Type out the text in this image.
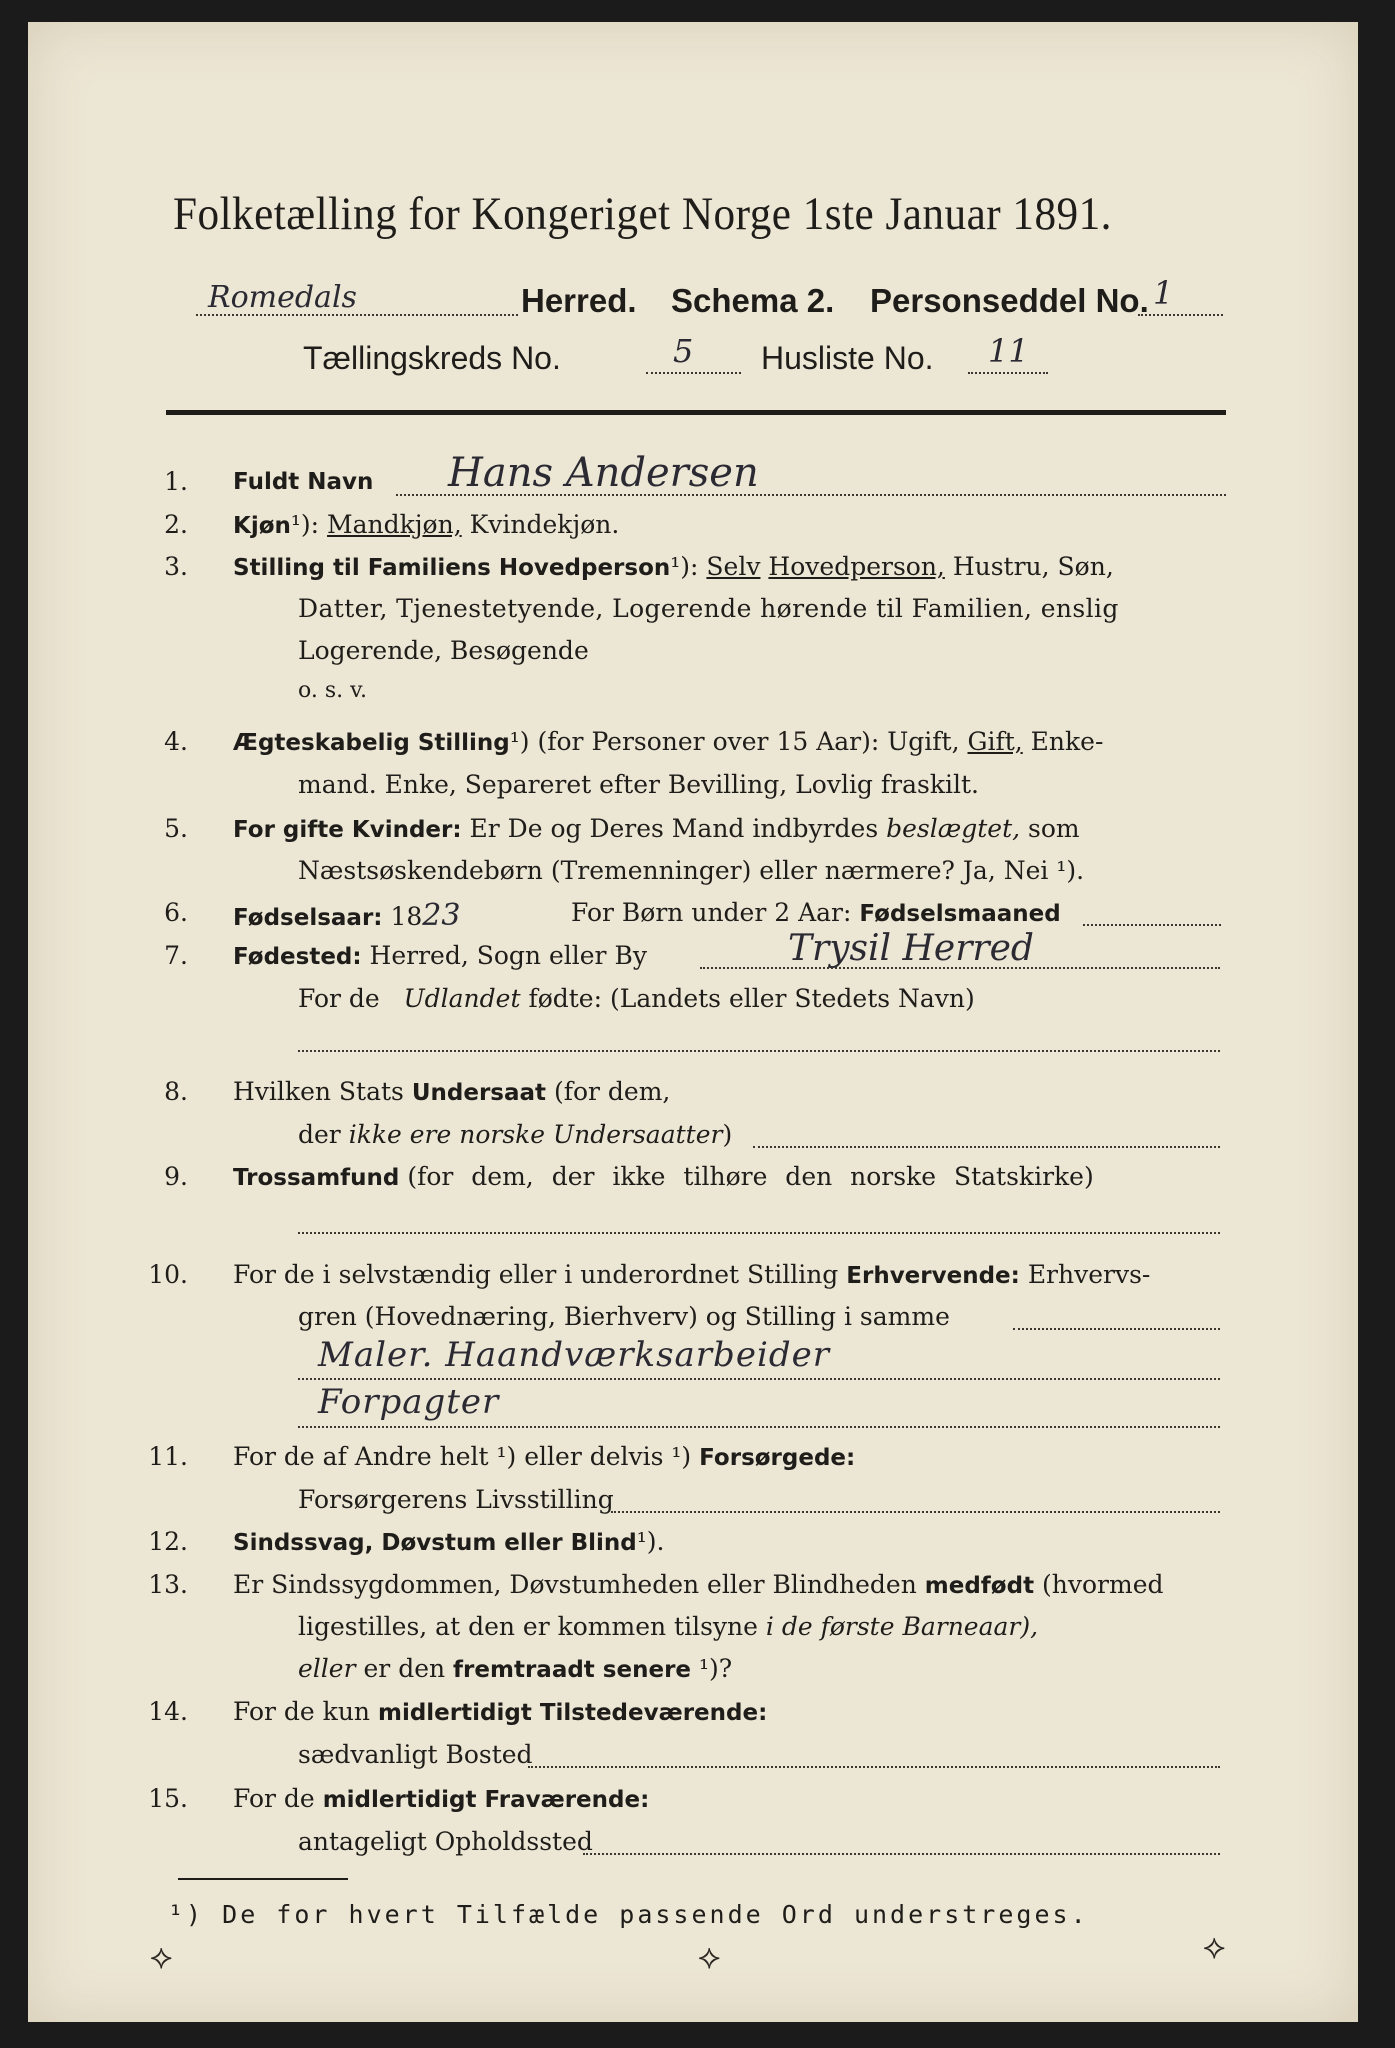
Folketælling for Kongeriget Norge 1ste Januar 1891.
Romedals	Herred. Schema 2. Personseddel No. 1
Tællingskreds No.	5 Husliste No. 11
1. Fuldt Navn Hans Andersen
2. Kjøn¹): Mandkjøn, Kvindekjøn.
3. Stilling til Familiens Hovedperson¹): Selv Hovedperson, Hustru, Søn,
Datter, Tjenestetyende, Logerende hørende til Familien, enslig
Logerende, Besøgende
o. s. v.
4. Ægteskabelig Stilling¹) (for Personer over 15 Aar): Ugift, Gift, Enke-
mand. Enke, Separeret efter Bevilling, Lovlig fraskilt.
5. For gifte Kvinder: Er De og Deres Mand indbyrdes beslægtet, som
Næstsøskendebørn (Tremenninger) eller nærmere? Ja, Nei ¹).
6. Fødselsaar: 1823	For Børn under 2 Aar: Fødselsmaaned
7. Fødested: Herred, Sogn eller By	Trysil Herred
For de Udlandet fødte: (Landets eller Stedets Navn)
8. Hvilken Stats Undersaat (for dem,
der ikke ere norske Undersaatter)
9. Trossamfund (for dem, der ikke tilhøre den norske Statskirke)
10. For de i selvstændig eller i underordnet Stilling Erhvervende: Erhvervs-
gren (Hovednæring, Bierhverv) og Stilling i samme
Maler. Haandværksarbeider
Forpagter
11. For de af Andre helt ¹) eller delvis ¹) Forsørgede:
Forsørgerens Livsstilling
12. Sindssvag, Døvstum eller Blind¹).
13. Er Sindssygdommen, Døvstumheden eller Blindheden medfødt (hvormed
ligestilles, at den er kommen tilsyne i de første Barneaar),
eller er den fremtraadt senere ¹)?
14. For de kun midlertidigt Tilstedeværende:
sædvanligt Bosted
15. For de midlertidigt Fraværende:
antageligt Opholdssted
¹) De for hvert Tilfælde passende Ord understreges.
⟡	⟡	⟡
